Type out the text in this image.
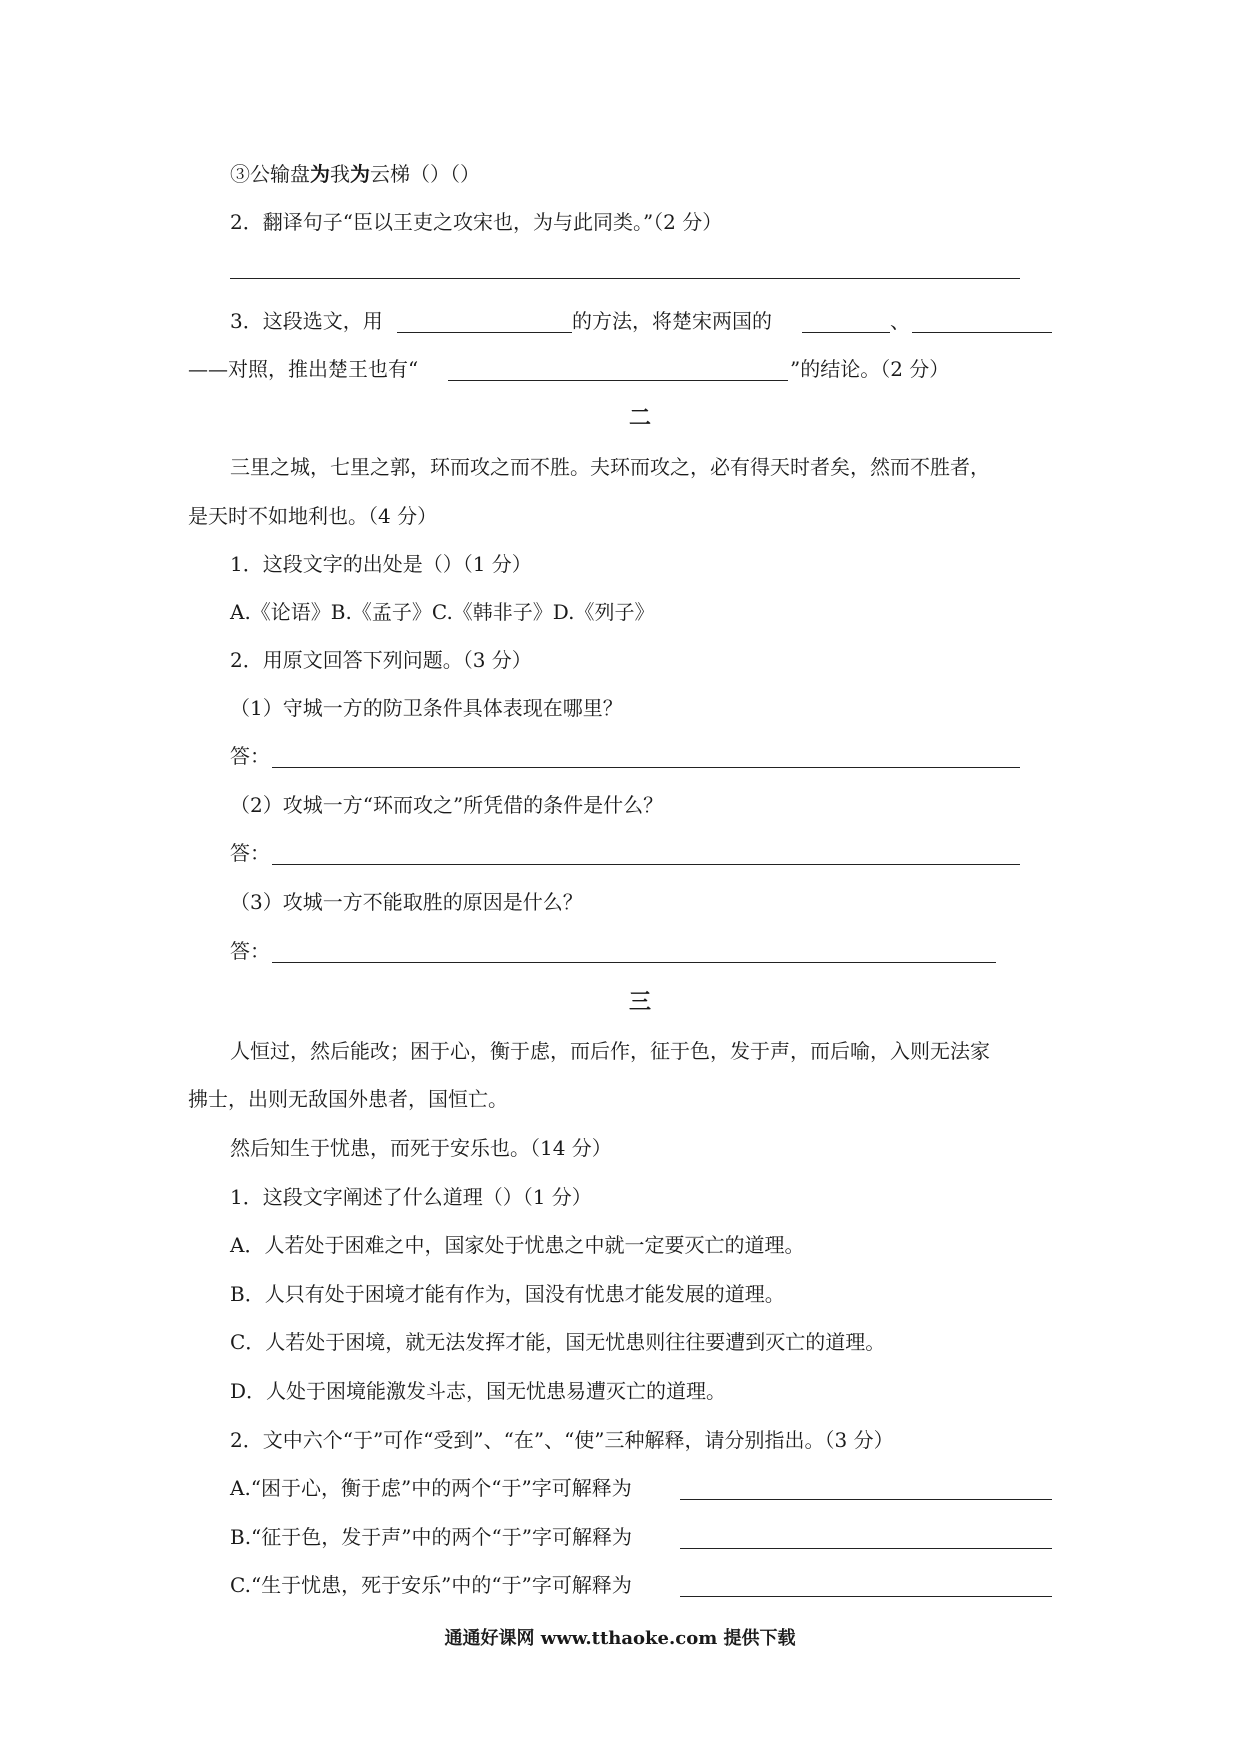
③公输盘为我为云梯（）（）
2．翻译句子“臣以王吏之攻宋也，为与此同类。”（2 分）
3．这段选文，用	的方法，将楚宋两国的	、
——对照，推出楚王也有“	”的结论。（2 分）
二
三里之城，七里之郭，环而攻之而不胜。夫环而攻之，必有得天时者矣，然而不胜者，
是天时不如地利也。（4 分）
1．这段文字的出处是（）（1 分）
A.《论语》B.《孟子》C.《韩非子》D.《列子》
2．用原文回答下列问题。（3 分）
（1）守城一方的防卫条件具体表现在哪里？
答：
（2）攻城一方“环而攻之”所凭借的条件是什么？
答：
（3）攻城一方不能取胜的原因是什么？
答：
三
人恒过，然后能改；困于心，衡于虑，而后作，征于色，发于声，而后喻，入则无法家
拂士，出则无敌国外患者，国恒亡。
然后知生于忧患，而死于安乐也。（14 分）
1．这段文字阐述了什么道理（）（1 分）
A．人若处于困难之中，国家处于忧患之中就一定要灭亡的道理。
B．人只有处于困境才能有作为，国没有忧患才能发展的道理。
C．人若处于困境，就无法发挥才能，国无忧患则往往要遭到灭亡的道理。
D．人处于困境能激发斗志，国无忧患易遭灭亡的道理。
2．文中六个“于”可作“受到”、“在”、“使”三种解释，请分别指出。（3 分）
A.“困于心，衡于虑”中的两个“于”字可解释为
B.“征于色，发于声”中的两个“于”字可解释为
C.“生于忧患，死于安乐”中的“于”字可解释为
通通好课网 www.tthaoke.com 提供下载
